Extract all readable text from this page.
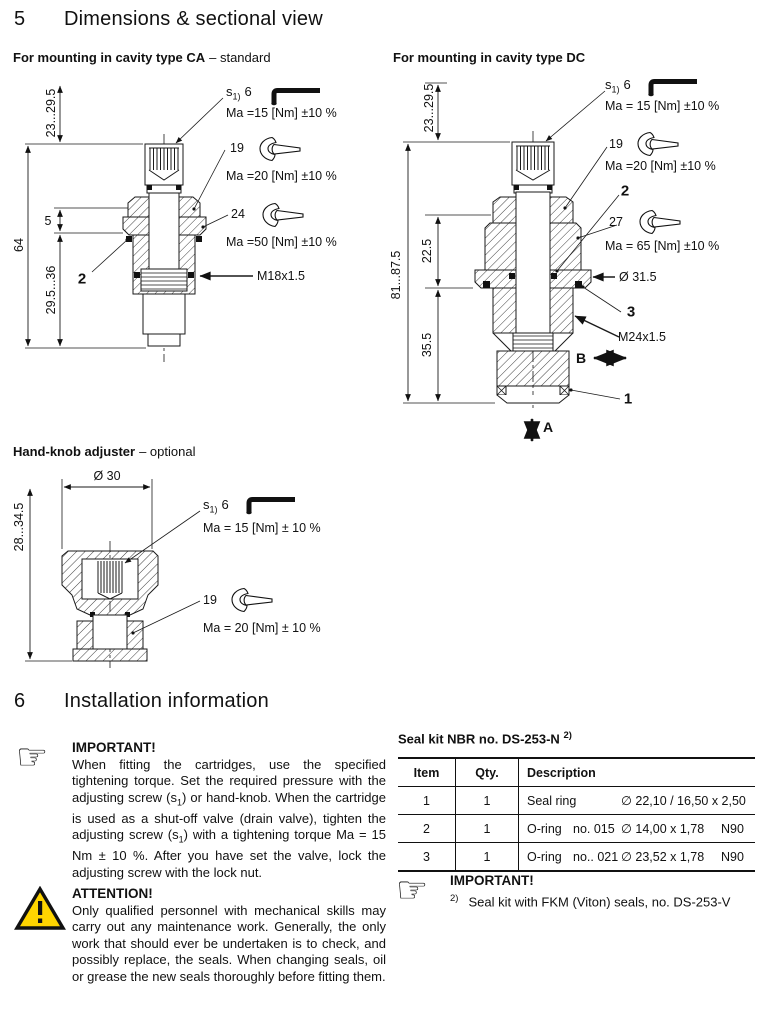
5 Dimensions & sectional view
For mounting in cavity type CA – standard	For mounting in cavity type DC
23...29.5
64
5
29.5...36 2
$s_{1)}$ 6
Ma =15 [Nm] ±10 %
19
Ma =20 [Nm] ±10 %
24
Ma =50 [Nm] ±10 %
M18x1.5
23...29.5
81...87.5 22.5
35.5
$s_{1)}$ 6
Ma = 15 [Nm] ±10 %
19
Ma =20 [Nm] ±10 %
2
27
Ma = 65 [Nm] ±10 %
Ø 31.5
3
M24x1.5
B
1
A
Hand-knob adjuster – optional
Ø 30
28...34.5	$s_{1)}$ 6
Ma = 15 [Nm] ± 10 %
19
Ma = 20 [Nm] ± 10 %
6 Installation information
☞ IMPORTANT!

When fitting the cartridges, use the specified tightening torque. Set the required pressure with the adjusting screw $(s_1)$ or hand-knob. When the cartridge is used as a shut-off valve (drain valve), tighten the adjusting screw $(s_1)$ with a tightening torque Ma = 15 Nm ± 10 %. After you have set the valve, lock the adjusting screw with the lock nut.

ATTENTION!

Only qualified personnel with mechanical skills may carry out any maintenance work. Generally, the only work that should ever be undertaken is to check, and possibly replace, the seals. When changing seals, oil or grease the new seals thoroughly before fitting them.

Seal kit NBR no. DS-253-N $^{2)}$
Item	Qty.	Description
1	1	Seal ring	∅ 22,10 / 16,50 x 2,50
2	1	O-ring no. 015 ∅ 14,00 x 1,78	N90
3	1	O-ring no.. 021 ∅ 23,52 x 1,78	N90
☞ IMPORTANT!
$^{2)}$ Seal kit with FKM (Viton) seals, no. DS-253-V
